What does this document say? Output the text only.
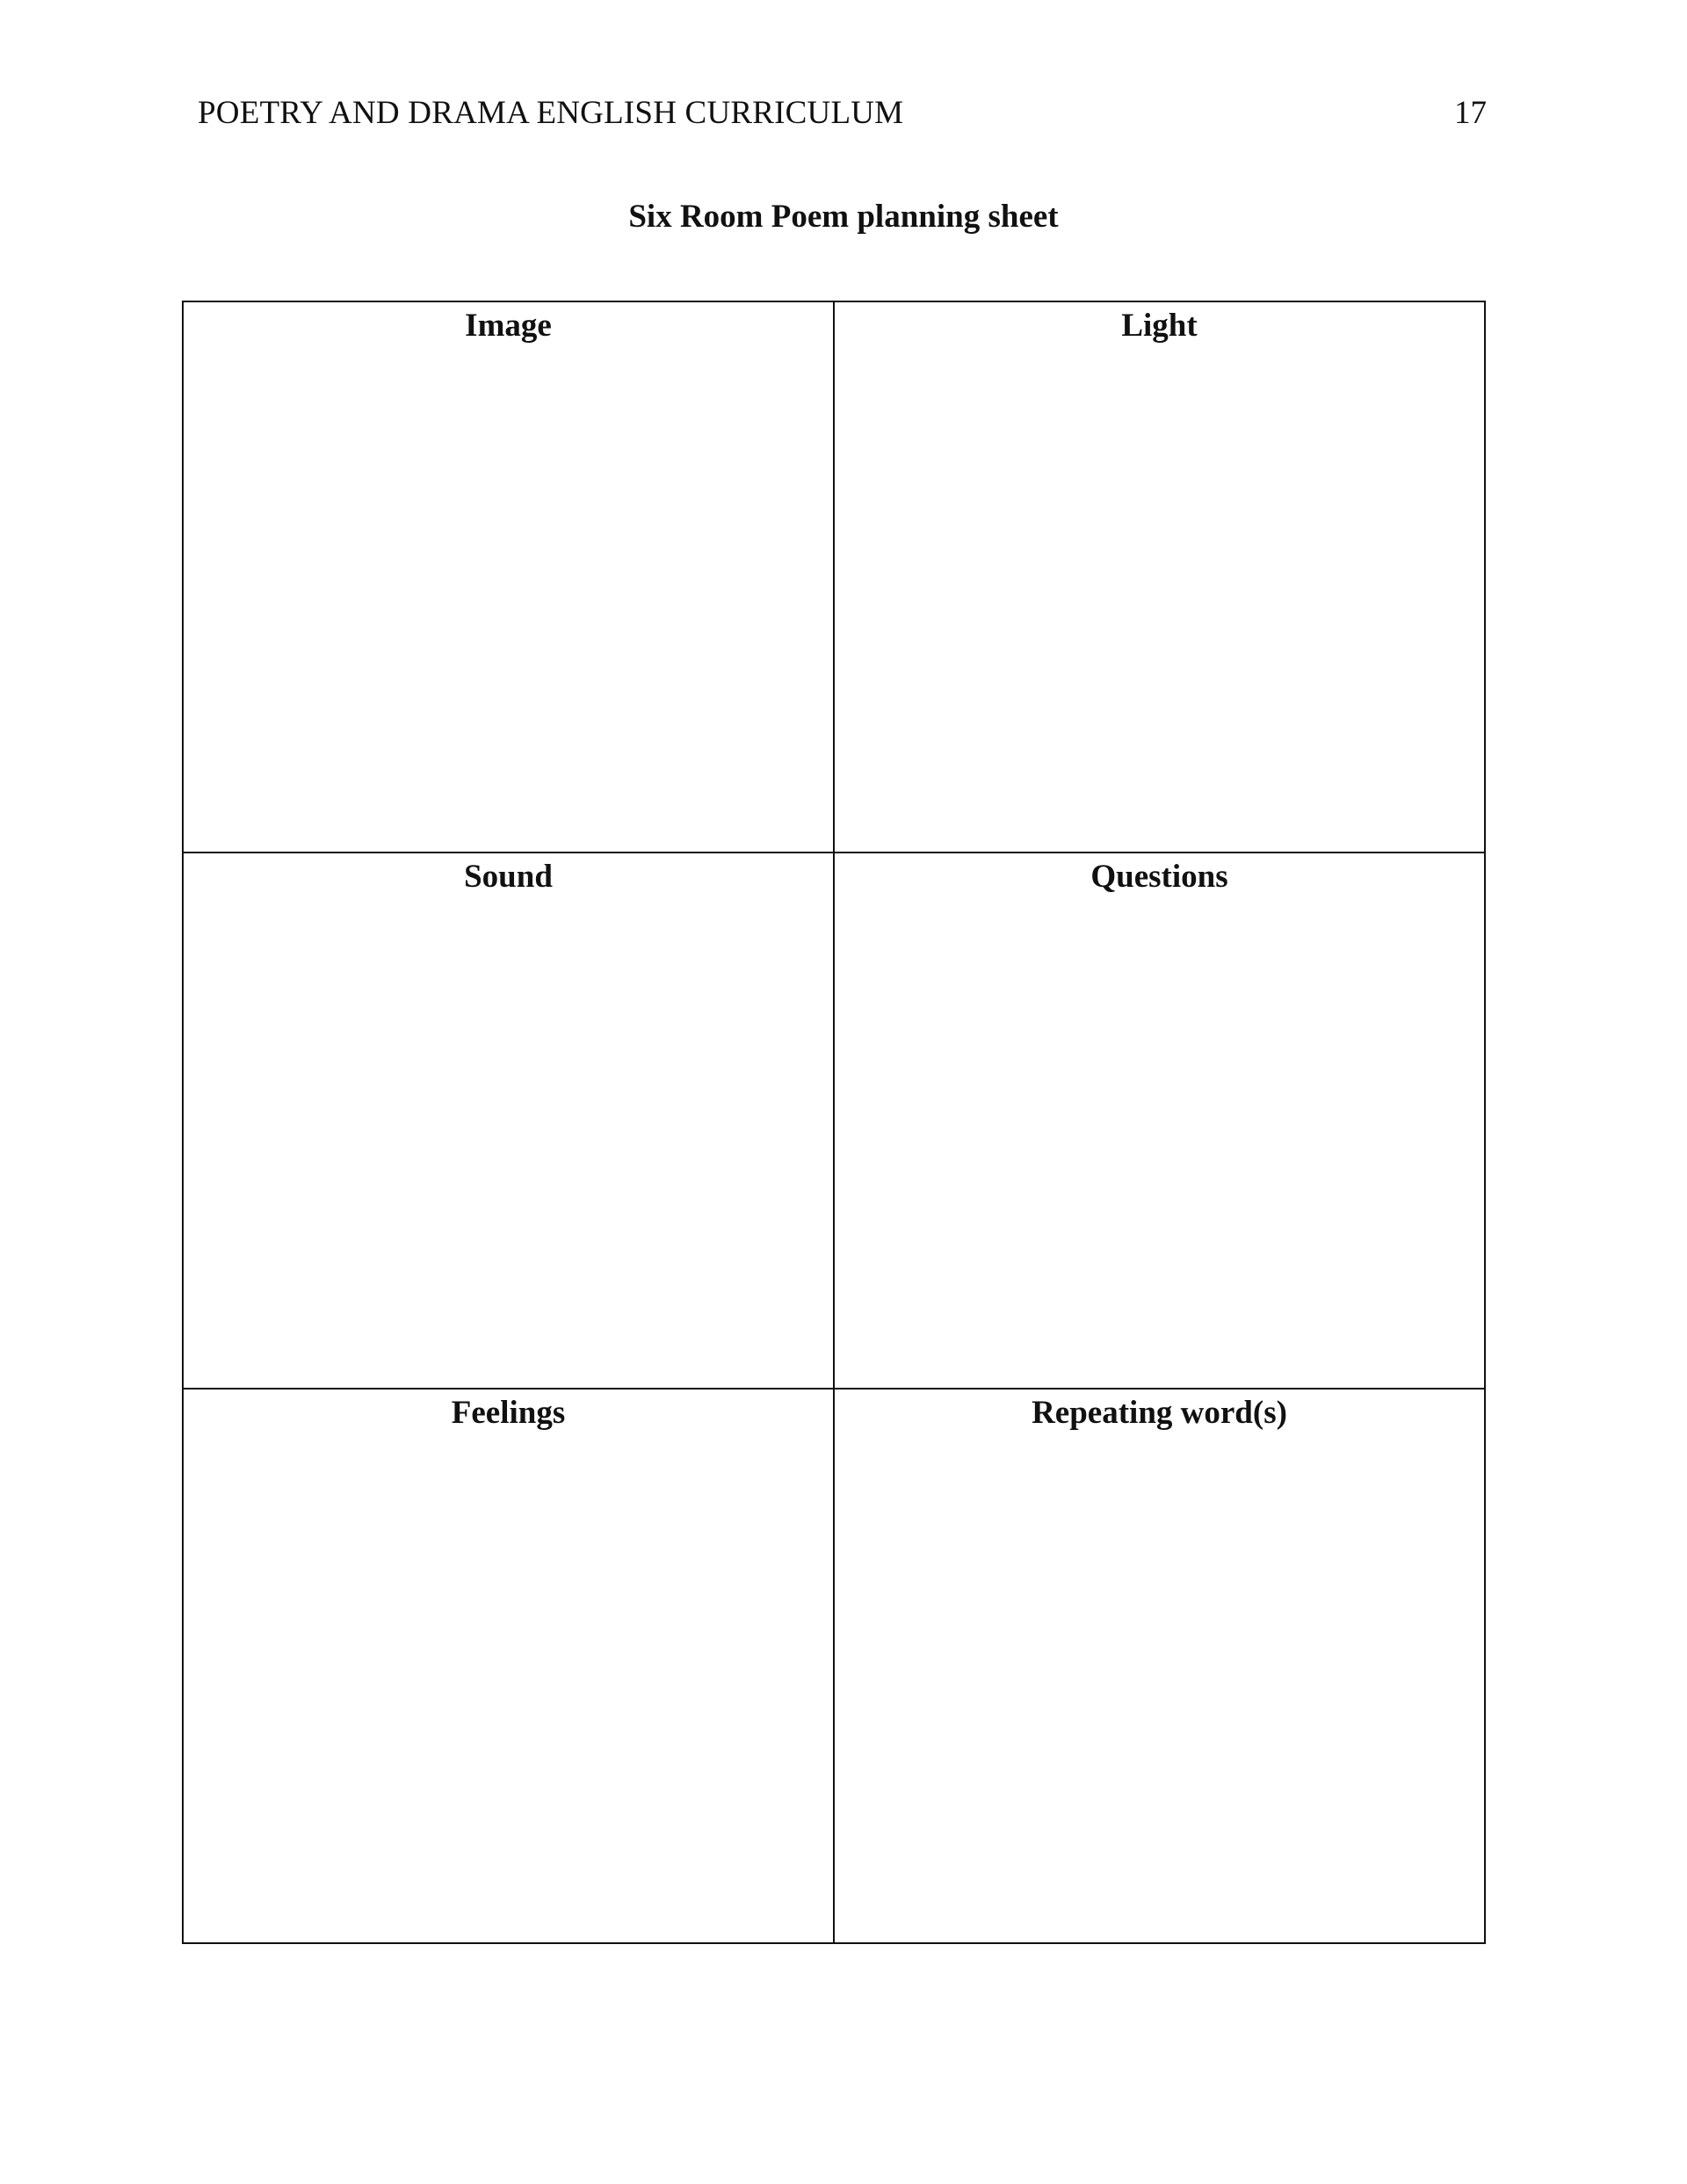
POETRY AND DRAMA ENGLISH CURRICULUM	17
Six Room Poem planning sheet
Image	Light

Sound	Questions

Feelings	Repeating word(s)
